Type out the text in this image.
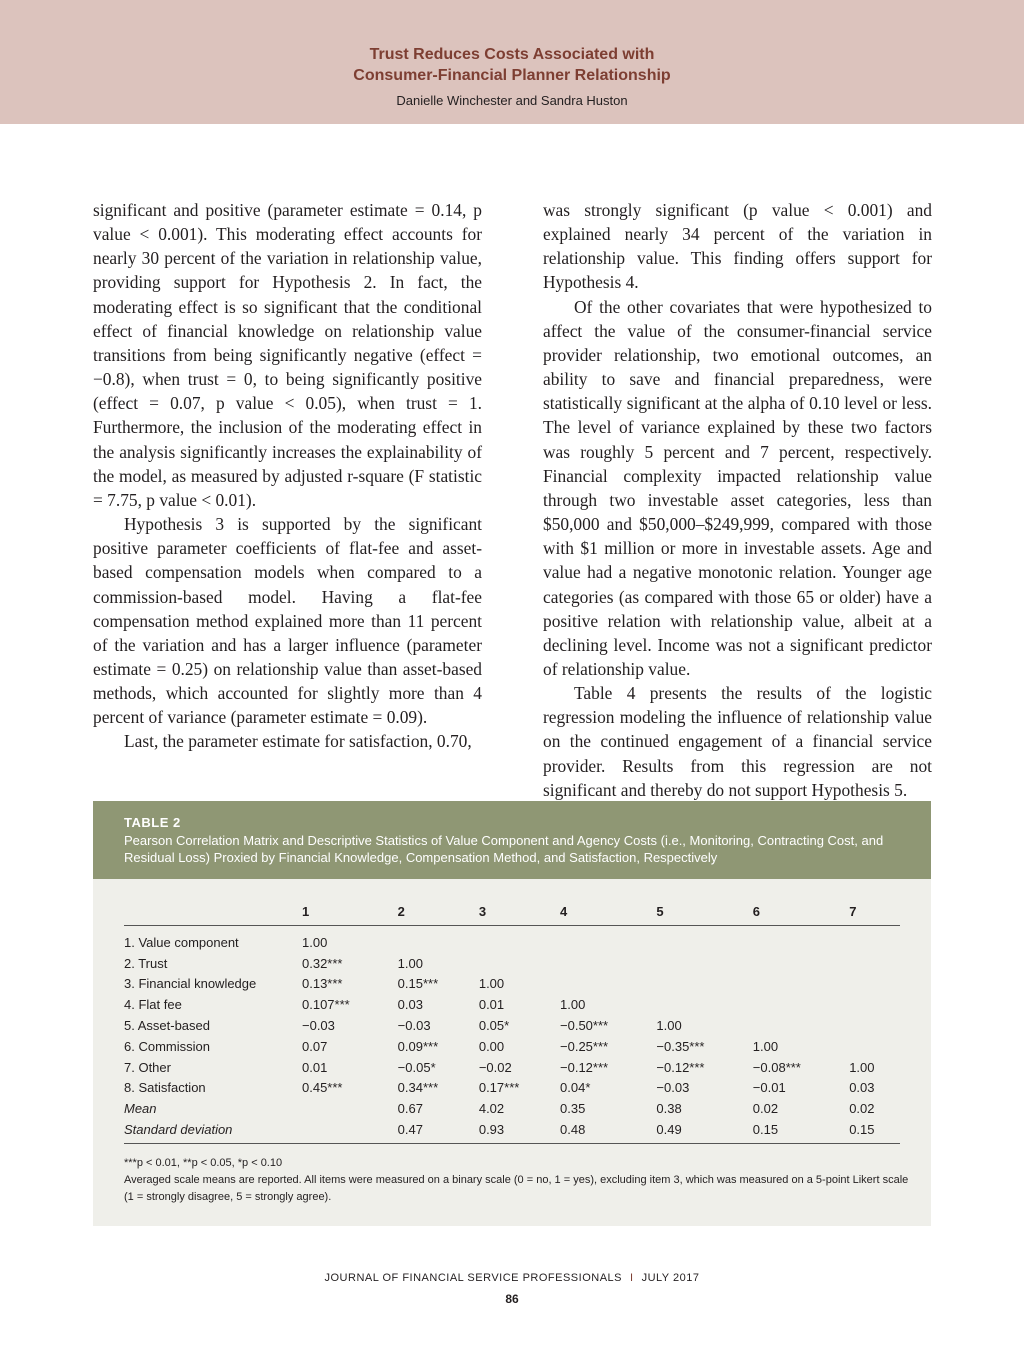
Trust Reduces Costs Associated with
Consumer-Financial Planner Relationship
Danielle Winchester and Sandra Huston

significant and positive (parameter estimate = 0.14, p value < 0.001). This moderating effect accounts for nearly 30 percent of the variation in relationship value, providing support for Hypothesis 2. In fact, the moderating effect is so significant that the conditional effect of financial knowledge on relationship value transitions from being significantly negative (effect = −0.8), when trust = 0, to being significantly positive (effect = 0.07, p value < 0.05), when trust = 1. Furthermore, the inclusion of the moderating effect in the analysis significantly increases the explainability of the model, as measured by adjusted r-square (F statistic = 7.75, p value < 0.01).

Hypothesis 3 is supported by the significant positive parameter coefficients of flat-fee and asset-based compensation models when compared to a commission-based model. Having a flat-fee compensation method explained more than 11 percent of the variation and has a larger influence (parameter estimate = 0.25) on relationship value than asset-based methods, which accounted for slightly more than 4 percent of variance (parameter estimate = 0.09).

Last, the parameter estimate for satisfaction, 0.70,

was strongly significant (p value < 0.001) and explained nearly 34 percent of the variation in relationship value. This finding offers support for Hypothesis 4.

Of the other covariates that were hypothesized to affect the value of the consumer-financial service provider relationship, two emotional outcomes, an ability to save and financial preparedness, were statistically significant at the alpha of 0.10 level or less. The level of variance explained by these two factors was roughly 5 percent and 7 percent, respectively. Financial complexity impacted relationship value through two investable asset categories, less than $50,000 and $50,000–$249,999, compared with those with $1 million or more in investable assets. Age and value had a negative monotonic relation. Younger age categories (as compared with those 65 or older) have a positive relation with relationship value, albeit at a declining level. Income was not a significant predictor of relationship value.

Table 4 presents the results of the logistic regression modeling the influence of relationship value on the continued engagement of a financial service provider. Results from this regression are not significant and thereby do not support Hypothesis 5.

TABLE 2
Pearson Correlation Matrix and Descriptive Statistics of Value Component and Agency Costs (i.e., Monitoring, Contracting Cost, and Residual Loss) Proxied by Financial Knowledge, Compensation Method, and Satisfaction, Respectively
	1	2	3	4	5	6	7
1. Value component	1.00						
2. Trust	0.32***	1.00					
3. Financial knowledge	0.13***	0.15***	1.00				
4. Flat fee	0.107***	0.03	0.01	1.00			
5. Asset-based	−0.03	−0.03	0.05*	−0.50***	1.00		
6. Commission	0.07	0.09***	0.00	−0.25***	−0.35***	1.00	
7. Other	0.01	−0.05*	−0.02	−0.12***	−0.12***	−0.08***	1.00
8. Satisfaction	0.45***	0.34***	0.17***	0.04*	−0.03	−0.01	0.03
Mean		0.67	4.02	0.35	0.38	0.02	0.02
Standard deviation		0.47	0.93	0.48	0.49	0.15	0.15
***p < 0.01, **p < 0.05, *p < 0.10
Averaged scale means are reported. All items were measured on a binary scale (0 = no, 1 = yes), excluding item 3, which was measured on a 5-point Likert scale (1 = strongly disagree, 5 = strongly agree).
JOURNAL OF FINANCIAL SERVICE PROFESSIONALS I JULY 2017
86
